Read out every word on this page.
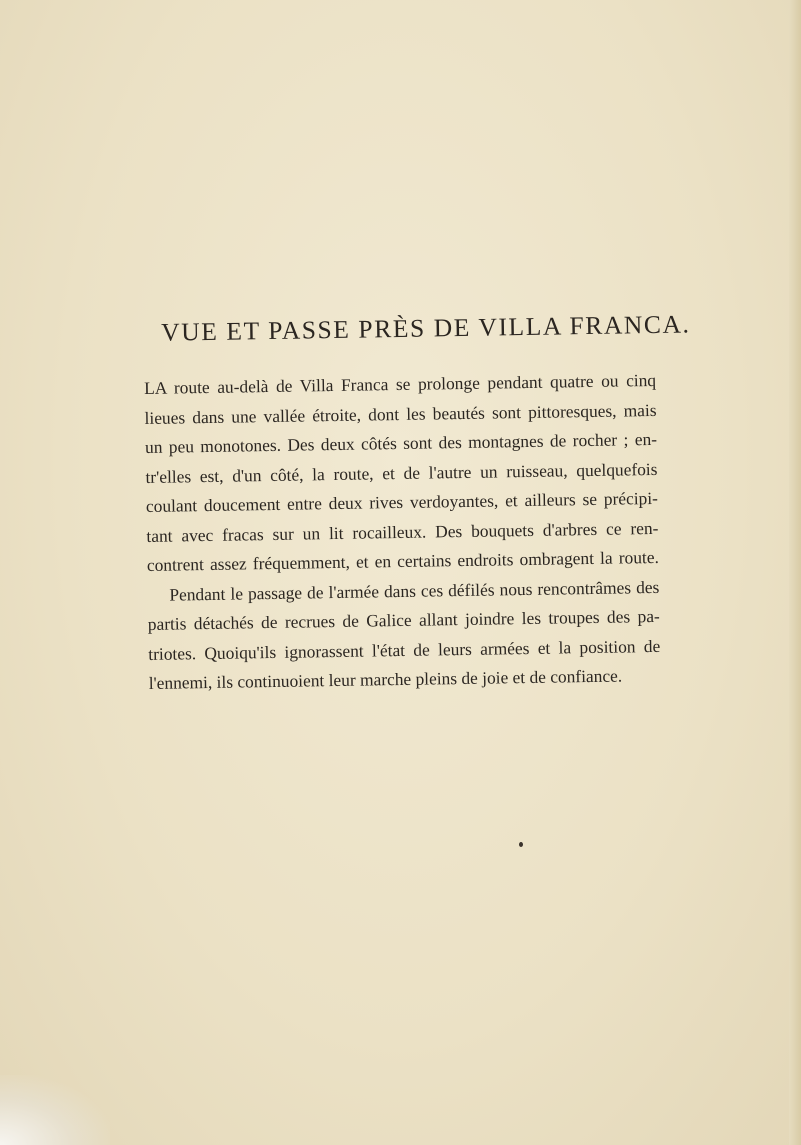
VUE ET PASSE PRÈS DE VILLA FRANCA.

LA route au-delà de Villa Franca se prolonge pendant quatre ou cinq
lieues dans une vallée étroite, dont les beautés sont pittoresques, mais
un peu monotones. Des deux côtés sont des montagnes de rocher ; en-
tr'elles est, d'un côté, la route, et de l'autre un ruisseau, quelquefois
coulant doucement entre deux rives verdoyantes, et ailleurs se précipi-
tant avec fracas sur un lit rocailleux. Des bouquets d'arbres ce ren-
contrent assez fréquemment, et en certains endroits ombragent la route.

Pendant le passage de l'armée dans ces défilés nous rencontrâmes des
partis détachés de recrues de Galice allant joindre les troupes des pa-
triotes. Quoiqu'ils ignorassent l'état de leurs armées et la position de
l'ennemi, ils continuoient leur marche pleins de joie et de confiance.
